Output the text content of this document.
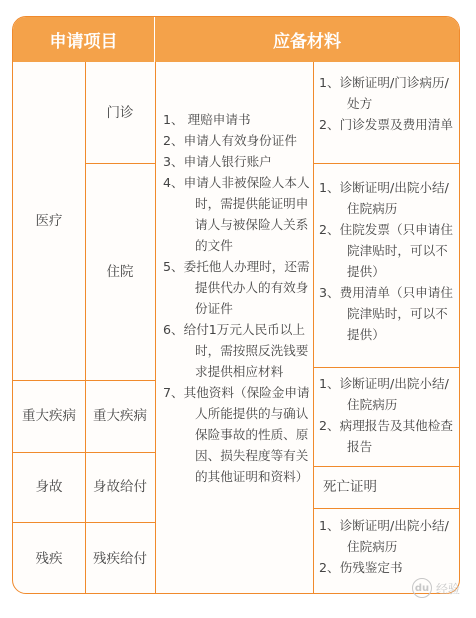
申请项目	应备材料
医疗
重大疾病
身故
残疾
门诊
住院
重大疾病
身故给付
残疾给付
1、 理赔申请书
2、申请人有效身份证件
3、申请人银行账户
4、申请人非被保险人本人时，需提供能证明申请人与被保险人关系的文件
5、委托他人办理时，还需提供代办人的有效身份证件
6、给付1万元人民币以上时，需按照反洗钱要求提供相应材料
7、其他资料（保险金申请人所能提供的与确认保险事故的性质、原因、损失程度等有关的其他证明和资料）
1、诊断证明/门诊病历/处方
2、门诊发票及费用清单
1、诊断证明/出院小结/住院病历
2、住院发票（只申请住院津贴时，可以不提供）
3、费用清单（只申请住院津贴时，可以不提供）
1、诊断证明/出院小结/住院病历
2、病理报告及其他检查报告
死亡证明
1、诊断证明/出院小结/住院病历
2、伤残鉴定书
du 经验
